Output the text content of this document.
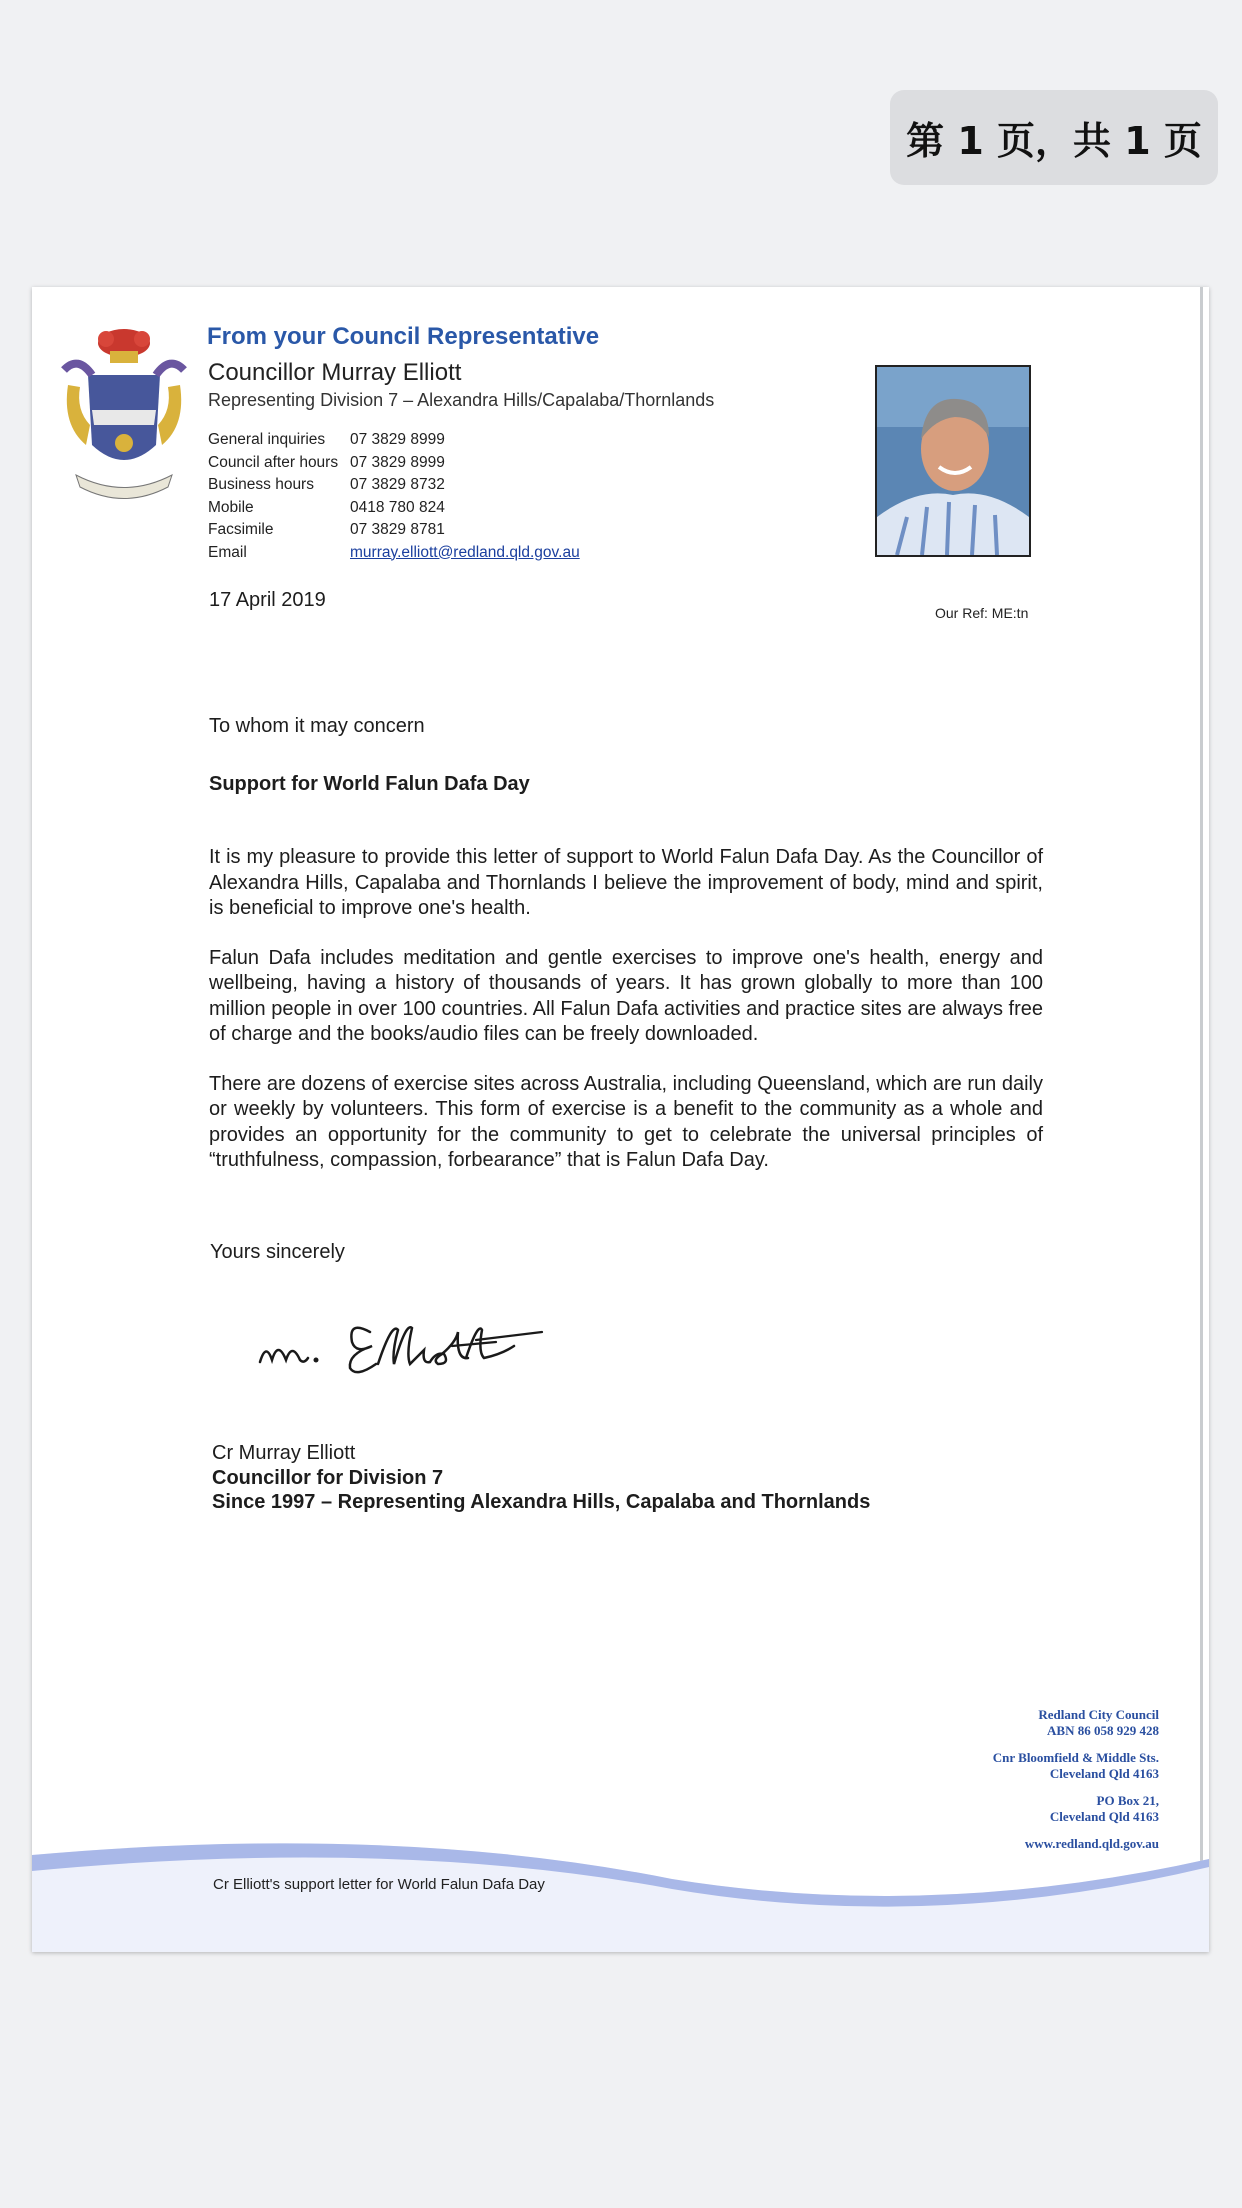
第 1 页，共 1 页
From your Council Representative
Councillor Murray Elliott
Representing Division 7 – Alexandra Hills/Capalaba/Thornlands
General inquiries	07 3829 8999
Council after hours 07 3829 8999
Business hours	07 3829 8732
Mobile	0418 780 824
Facsimile	07 3829 8781
Email	murray.elliott@redland.qld.gov.au
Our Ref: ME:tn
17 April 2019
To whom it may concern
Support for World Falun Dafa Day

It is my pleasure to provide this letter of support to World Falun Dafa Day. As the Councillor of Alexandra Hills, Capalaba and Thornlands I believe the improvement of body, mind and spirit, is beneficial to improve one's health.

Falun Dafa includes meditation and gentle exercises to improve one's health, energy and wellbeing, having a history of thousands of years. It has grown globally to more than 100 million people in over 100 countries. All Falun Dafa activities and practice sites are always free of charge and the books/audio files can be freely downloaded.

There are dozens of exercise sites across Australia, including Queensland, which are run daily or weekly by volunteers. This form of exercise is a benefit to the community as a whole and provides an opportunity for the community to get to celebrate the universal principles of “truthfulness, compassion, forbearance” that is Falun Dafa Day.

Yours sincerely
Cr Murray Elliott
Councillor for Division 7
Since 1997 – Representing Alexandra Hills, Capalaba and Thornlands
Redland City Council
ABN 86 058 929 428
Cnr Bloomfield & Middle Sts.
Cleveland Qld 4163
PO Box 21,
Cleveland Qld 4163
www.redland.qld.gov.au
Cr Elliott's support letter for World Falun Dafa Day
